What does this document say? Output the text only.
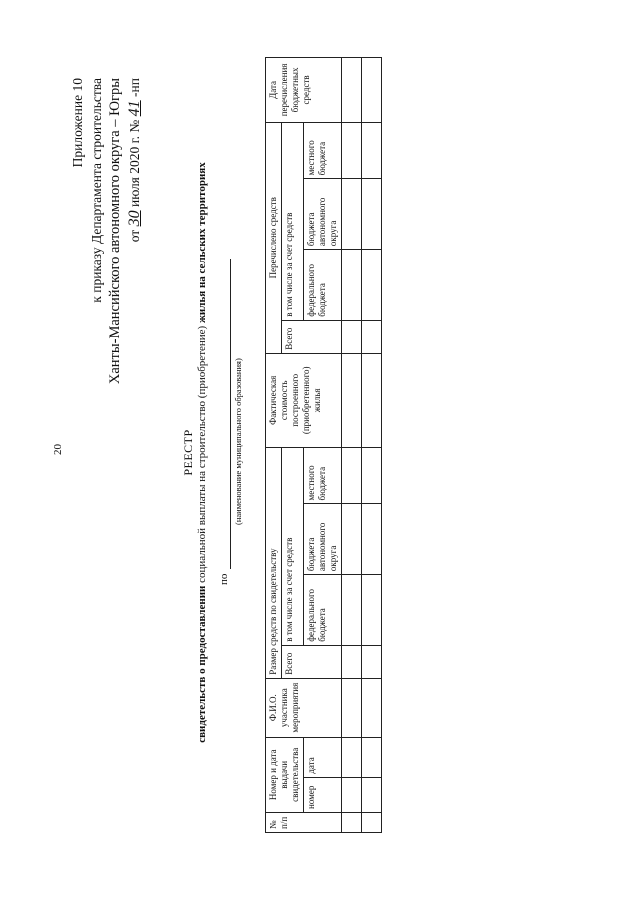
20
Приложение 10 к приказу Департамента строительства Ханты-Мансийского автономного округа – Югры от 30 июля 2020 г. № 41 -нп
РЕЕСТР
свидетельств о предоставлении социальной выплаты на строительство (приобретение) жилья на сельских территориях
по
(наименование муниципального образования)
№ п/п	Номер и дата выдачи свидетельства		Ф.И.О. участника мероприятия	Размер средств по свидетельству				Фактическая стоимость построенного (приобретенного) жилья	Перечислено средств				Дата перечисления бюджетных средств
				Всего	в том числе за счет средств				Всего	в том числе за счет средств			
	номер	дата			федерального бюджета	бюджета автономного округа	местного бюджета			федерального бюджета	бюджета автономного округа	местного бюджета	
